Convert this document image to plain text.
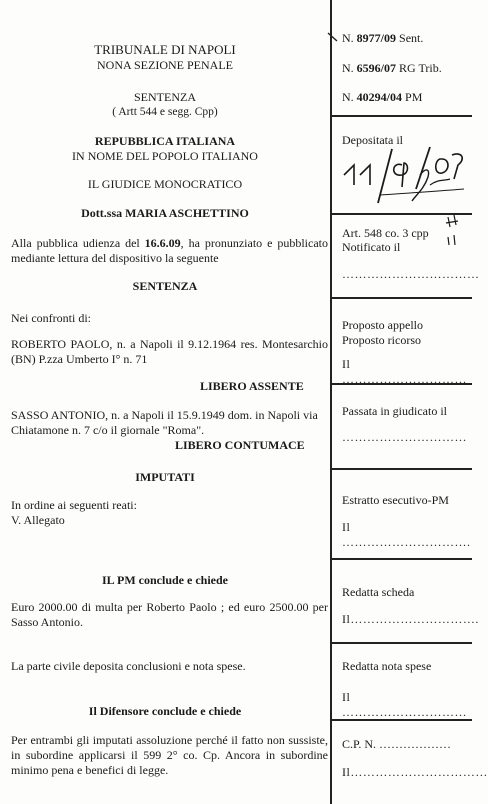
TRIBUNALE DI NAPOLI
NONA SEZIONE PENALE
SENTENZA
( Artt 544 e segg. Cpp)
REPUBBLICA ITALIANA
IN NOME DEL POPOLO ITALIANO
IL GIUDICE MONOCRATICO
Dott.ssa MARIA ASCHETTINO
Alla pubblica udienza del 16.6.09, ha pronunziato e pubblicato mediante lettura del dispositivo la seguente
SENTENZA
Nei confronti di:
ROBERTO PAOLO, n. a Napoli il 9.12.1964 res. Montesarchio (BN) P.zza Umberto I° n. 71
LIBERO ASSENTE
SASSO ANTONIO, n. a Napoli il 15.9.1949 dom. in Napoli via Chiatamone n. 7 c/o il giornale "Roma".
LIBERO CONTUMACE
IMPUTATI
In ordine ai seguenti reati:
V. Allegato
IL PM conclude e chiede
Euro 2000.00 di multa per Roberto Paolo ; ed euro 2500.00 per Sasso Antonio.
La parte civile deposita conclusioni e nota spese.
Il Difensore conclude e chiede
Per entrambi gli imputati assoluzione perché il fatto non sussiste, in subordine applicarsi il 599 2° co. Cp. Ancora in subordine minimo pena e benefici di legge.
N. 8977/09 Sent.
N. 6596/07 RG Trib.
N. 40294/04 PM
Depositata il
Art. 548 co. 3 cpp
Notificato il
……………………………
Proposto appello
Proposto ricorso
Il …………………………
Passata in giudicato il
…………………………
Estratto esecutivo-PM
Il ………………………….
Redatta scheda
Il………………………….
Redatta nota spese
Il …………………………
C.P. N. ………………
Il……………………………
